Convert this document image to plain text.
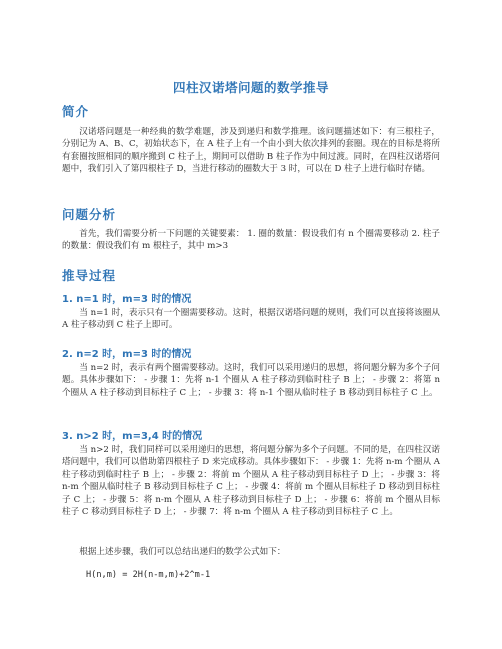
四柱汉诺塔问题的数学推导
简介
汉诺塔问题是一种经典的数学难题，涉及到递归和数学推理。该问题描述如下：有三根柱子，分别记为 A、B、C，初始状态下，在 A 柱子上有一个由小到大依次排列的套圈。现在的目标是将所有套圈按照相同的顺序搬到 C 柱子上，期间可以借助 B 柱子作为中间过渡。同时，在四柱汉诺塔问题中，我们引入了第四根柱子 D，当进行移动的圈数大于 3 时，可以在 D 柱子上进行临时存储。
问题分析
首先，我们需要分析一下问题的关键要素： 1. 圈的数量：假设我们有 n 个圈需要移动 2. 柱子的数量：假设我们有 m 根柱子，其中 m>3
推导过程
1. n=1 时，m=3 时的情况
当 n=1 时，表示只有一个圈需要移动。这时，根据汉诺塔问题的规则，我们可以直接将该圈从 A 柱子移动到 C 柱子上即可。
2. n=2 时，m=3 时的情况
当 n=2 时，表示有两个圈需要移动。这时，我们可以采用递归的思想，将问题分解为多个子问题。具体步骤如下： - 步骤 1：先将 n-1 个圈从 A 柱子移动到临时柱子 B 上； - 步骤 2：将第 n 个圈从 A 柱子移动到目标柱子 C 上； - 步骤 3：将 n-1 个圈从临时柱子 B 移动到目标柱子 C 上。
3. n>2 时，m=3,4 时的情况
当 n>2 时，我们同样可以采用递归的思想，将问题分解为多个子问题。不同的是，在四柱汉诺塔问题中，我们可以借助第四根柱子 D 来完成移动。具体步骤如下： - 步骤 1：先将 n-m 个圈从 A 柱子移动到临时柱子 B 上； - 步骤 2：将前 m 个圈从 A 柱子移动到目标柱子 D 上； - 步骤 3：将 n-m 个圈从临时柱子 B 移动到目标柱子 C 上； - 步骤 4：将前 m 个圈从目标柱子 D 移动到目标柱子 C 上； - 步骤 5：将 n-m 个圈从 A 柱子移动到目标柱子 D 上； - 步骤 6：将前 m 个圈从目标柱子 C 移动到目标柱子 D 上； - 步骤 7：将 n-m 个圈从 A 柱子移动到目标柱子 C 上。
根据上述步骤，我们可以总结出递归的数学公式如下：
H(n,m) = 2H(n-m,m)+2^m-1
